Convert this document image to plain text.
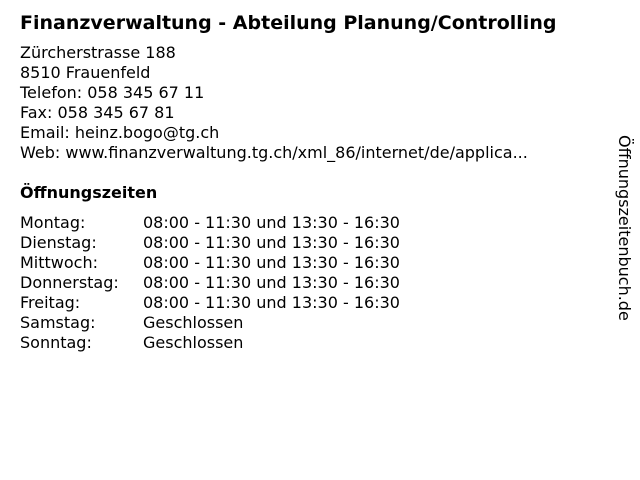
Finanzverwaltung - Abteilung Planung/Controlling
Zürcherstrasse 188
8510 Frauenfeld
Telefon: 058 345 67 11
Fax: 058 345 67 81
Email: heinz.bogo@tg.ch
Web: www.finanzverwaltung.tg.ch/xml_86/internet/de/applica...
Öffnungszeiten
Montag:	08:00 - 11:30 und 13:30 - 16:30
Dienstag:	08:00 - 11:30 und 13:30 - 16:30
Mittwoch:	08:00 - 11:30 und 13:30 - 16:30
Donnerstag:	08:00 - 11:30 und 13:30 - 16:30
Freitag:	08:00 - 11:30 und 13:30 - 16:30
Samstag:	Geschlossen
Sonntag:	Geschlossen
Öffnungszeitenbuch.de
